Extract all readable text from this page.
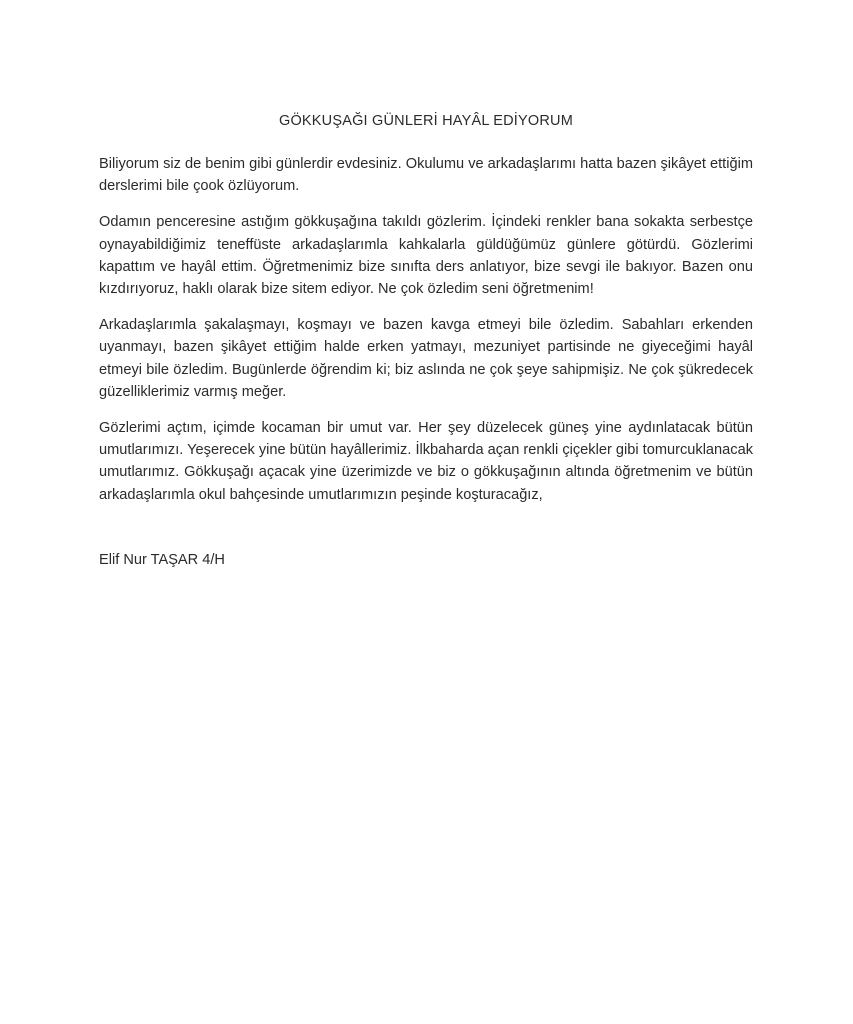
GÖKKUŞAĞI GÜNLERİ HAYÂL EDİYORUM

Biliyorum siz de benim gibi günlerdir evdesiniz. Okulumu ve arkadaşlarımı hatta bazen şikâyet ettiğim derslerimi bile çook özlüyorum.

Odamın penceresine astığım gökkuşağına takıldı gözlerim. İçindeki renkler bana sokakta serbestçe oynayabildiğimiz teneffüste arkadaşlarımla kahkalarla güldüğümüz günlere götürdü. Gözlerimi kapattım ve hayâl ettim. Öğretmenimiz bize sınıfta ders anlatıyor, bize sevgi ile bakıyor. Bazen onu kızdırıyoruz, haklı olarak bize sitem ediyor. Ne çok özledim seni öğretmenim!

Arkadaşlarımla şakalaşmayı, koşmayı ve bazen kavga etmeyi bile özledim. Sabahları erkenden uyanmayı, bazen şikâyet ettiğim halde erken yatmayı, mezuniyet partisinde ne giyeceğimi hayâl etmeyi bile özledim. Bugünlerde öğrendim ki; biz aslında ne çok şeye sahipmişiz. Ne çok şükredecek güzelliklerimiz varmış meğer.

Gözlerimi açtım, içimde kocaman bir umut var. Her şey düzelecek güneş yine aydınlatacak bütün umutlarımızı. Yeşerecek yine bütün hayâllerimiz. İlkbaharda açan renkli çiçekler gibi tomurcuklanacak umutlarımız. Gökkuşağı açacak yine üzerimizde ve biz o gökkuşağının altında öğretmenim ve bütün arkadaşlarımla okul bahçesinde umutlarımızın peşinde koşturacağız,

Elif Nur TAŞAR 4/H
